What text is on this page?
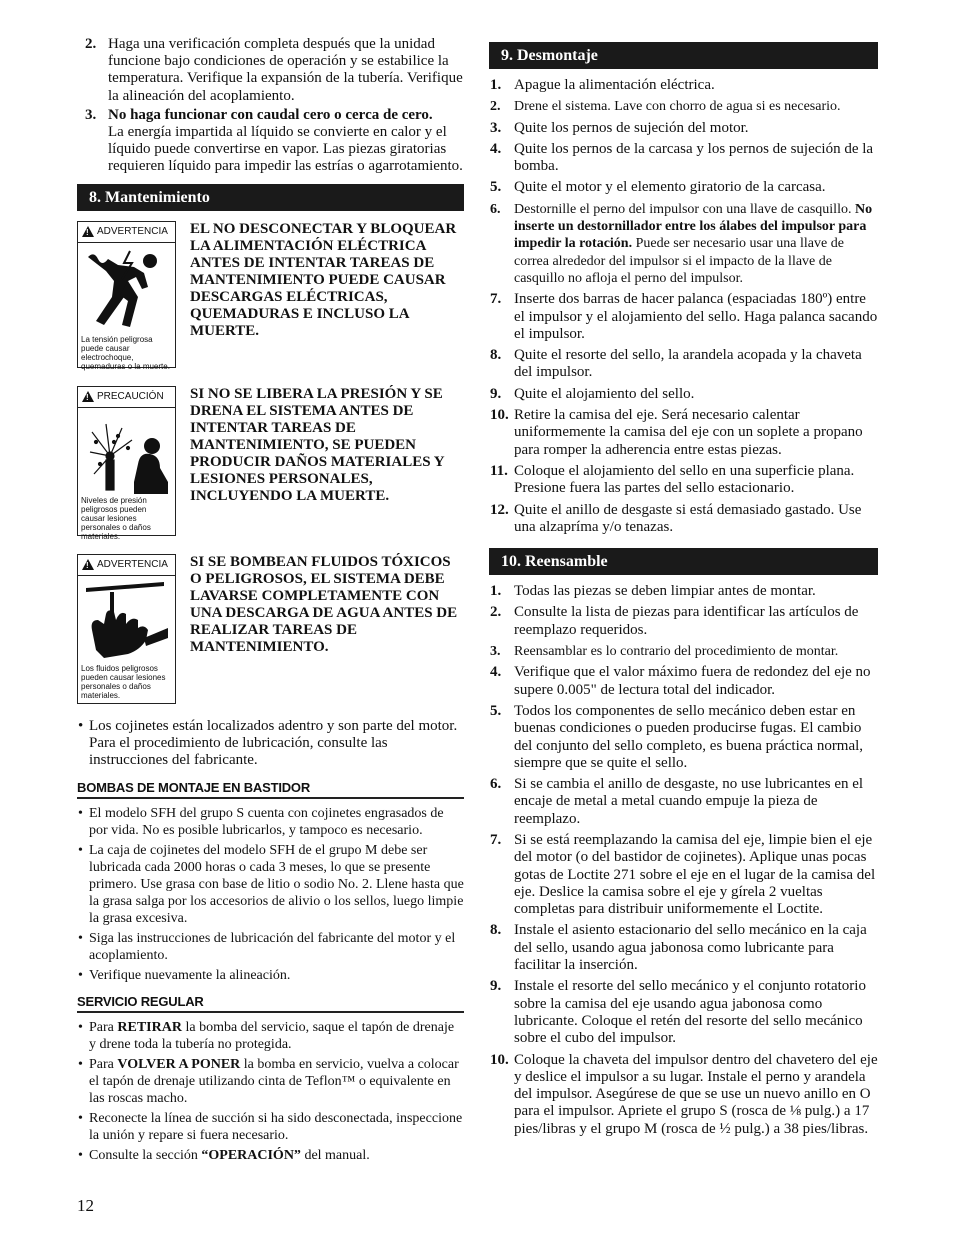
2. Haga una verificación completa después que la unidad funcione bajo condiciones de operación y se estabilice la temperatura. Verifique la expansión de la tubería. Verifique la alineación del acoplamiento.
3. No haga funcionar con caudal cero o cerca de cero.
La energía impartida al líquido se convierte en calor y el líquido puede convertirse en vapor. Las piezas giratorias requieren líquido para impedir las estrías o agarrotamiento.
8. Mantenimiento
! ADVERTENCIA
La tensión peligrosa puede causar electrochoque, quemaduras o la muerte.
EL NO DESCONECTAR Y BLOQUEAR LA ALIMENTACIÓN ELÉCTRICA ANTES DE INTENTAR TAREAS DE MANTENIMIENTO PUEDE CAUSAR DESCARGAS ELÉCTRICAS, QUEMADURAS E INCLUSO LA MUERTE.
! PRECAUCIÓN
Niveles de presión peligrosos pueden causar lesiones personales o daños materiales.
SI NO SE LIBERA LA PRESIÓN Y SE DRENA EL SISTEMA ANTES DE INTENTAR TAREAS DE MANTENIMIENTO, SE PUEDEN PRODUCIR DAÑOS MATERIALES Y LESIONES PERSONALES, INCLUYENDO LA MUERTE.
! ADVERTENCIA
Los fluidos peligrosos pueden causar lesiones personales o daños materiales.
SI SE BOMBEAN FLUIDOS TÓXICOS O PELIGROSOS, EL SISTEMA DEBE LAVARSE COMPLETAMENTE CON UNA DESCARGA DE AGUA ANTES DE REALIZAR TAREAS DE MANTENIMIENTO.
• Los cojinetes están localizados adentro y son parte del motor. Para el procedimiento de lubricación, consulte las instrucciones del fabricante.
BOMBAS DE MONTAJE EN BASTIDOR
• El modelo SFH del grupo S cuenta con cojinetes engrasados de por vida. No es posible lubricarlos, y tampoco es necesario.
• La caja de cojinetes del modelo SFH de el grupo M debe ser lubricada cada 2000 horas o cada 3 meses, lo que se presente primero. Use grasa con base de litio o sodio No. 2. Llene hasta que la grasa salga por los accesorios de alivio o los sellos, luego limpie la grasa excesiva.
• Siga las instrucciones de lubricación del fabricante del motor y el acoplamiento.
• Verifique nuevamente la alineación.
SERVICIO REGULAR
• Para RETIRAR la bomba del servicio, saque el tapón de drenaje y drene toda la tubería no protegida.
• Para VOLVER A PONER la bomba en servicio, vuelva a colocar el tapón de drenaje utilizando cinta de Teflon™ o equivalente en las roscas macho.
• Reconecte la línea de succión si ha sido desconectada, inspeccione la unión y repare si fuera necesario.
• Consulte la sección “OPERACIÓN” del manual.
9. Desmontaje
1. Apague la alimentación eléctrica.
2. Drene el sistema. Lave con chorro de agua si es necesario.
3. Quite los pernos de sujeción del motor.
4. Quite los pernos de la carcasa y los pernos de sujeción de la bomba.
5. Quite el motor y el elemento giratorio de la carcasa.
6. Destornille el perno del impulsor con una llave de casquillo. No inserte un destornillador entre los álabes del impulsor para impedir la rotación. Puede ser necesario usar una llave de correa alrededor del impulsor si el impacto de la llave de casquillo no afloja el perno del impulsor.
7. Inserte dos barras de hacer palanca (espaciadas 180º) entre el impulsor y el alojamiento del sello. Haga palanca sacando el impulsor.
8. Quite el resorte del sello, la arandela acopada y la chaveta del impulsor.
9. Quite el alojamiento del sello.
10. Retire la camisa del eje. Será necesario calentar uniformemente la camisa del eje con un soplete a propano para romper la adherencia entre estas piezas.
11. Coloque el alojamiento del sello en una superficie plana. Presione fuera las partes del sello estacionario.
12. Quite el anillo de desgaste si está demasiado gastado. Use una alzapríma y/o tenazas.
10. Reensamble
1. Todas las piezas se deben limpiar antes de montar.
2. Consulte la lista de piezas para identificar las artículos de reemplazo requeridos.
3. Reensamblar es lo contrario del procedimiento de montar.
4. Verifique que el valor máximo fuera de redondez del eje no supere 0.005" de lectura total del indicador.
5. Todos los componentes de sello mecánico deben estar en buenas condiciones o pueden producirse fugas. El cambio del conjunto del sello completo, es buena práctica normal, siempre que se quite el sello.
6. Si se cambia el anillo de desgaste, no use lubricantes en el encaje de metal a metal cuando empuje la pieza de reemplazo.
7. Si se está reemplazando la camisa del eje, limpie bien el eje del motor (o del bastidor de cojinetes). Aplique unas pocas gotas de Loctite 271 sobre el eje en el lugar de la camisa del eje. Deslice la camisa sobre el eje y gírela 2 vueltas completas para distribuir uniformemente el Loctite.
8. Instale el asiento estacionario del sello mecánico en la caja del sello, usando agua jabonosa como lubricante para facilitar la inserción.
9. Instale el resorte del sello mecánico y el conjunto rotatorio sobre la camisa del eje usando agua jabonosa como lubricante. Coloque el retén del resorte del sello mecánico sobre el cubo del impulsor.
10. Coloque la chaveta del impulsor dentro del chavetero del eje y deslice el impulsor a su lugar. Instale el perno y arandela del impulsor. Asegúrese de que se use un nuevo anillo en O para el impulsor. Apriete el grupo S (rosca de ⅛ pulg.) a 17 pies/libras y el grupo M (rosca de ½ pulg.) a 38 pies/libras.
12
